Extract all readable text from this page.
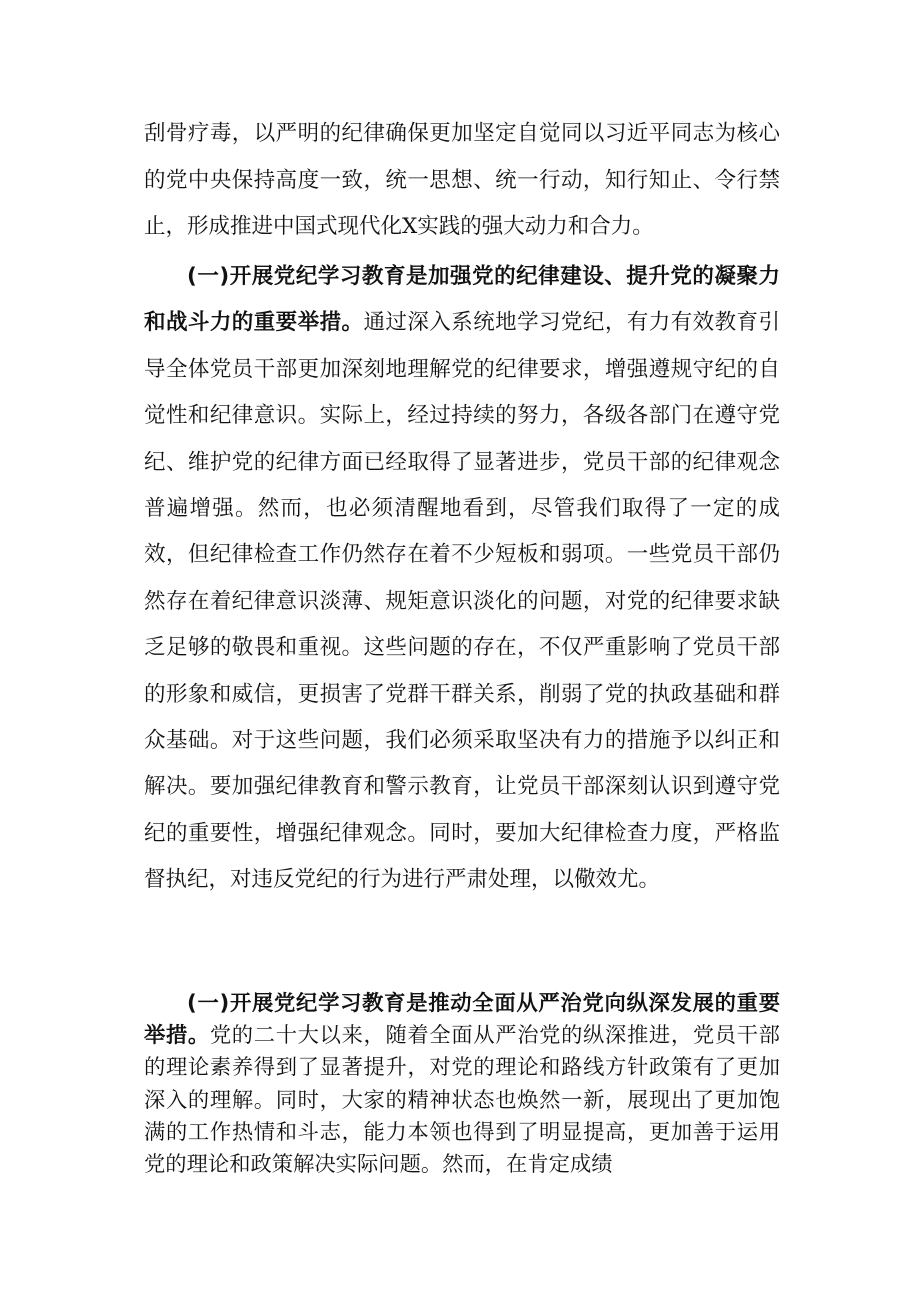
刮骨疗毒，以严明的纪律确保更加坚定自觉同以习近平同志为核心的党中央保持高度一致，统一思想、统一行动，知行知止、令行禁止，形成推进中国式现代化X实践的强大动力和合力。

(一)开展党纪学习教育是加强党的纪律建设、提升党的凝聚力和战斗力的重要举措。通过深入系统地学习党纪，有力有效教育引导全体党员干部更加深刻地理解党的纪律要求，增强遵规守纪的自觉性和纪律意识。实际上，经过持续的努力，各级各部门在遵守党纪、维护党的纪律方面已经取得了显著进步，党员干部的纪律观念普遍增强。然而，也必须清醒地看到，尽管我们取得了一定的成效，但纪律检查工作仍然存在着不少短板和弱项。一些党员干部仍然存在着纪律意识淡薄、规矩意识淡化的问题，对党的纪律要求缺乏足够的敬畏和重视。这些问题的存在，不仅严重影响了党员干部的形象和威信，更损害了党群干群关系，削弱了党的执政基础和群众基础。对于这些问题，我们必须采取坚决有力的措施予以纠正和解决。要加强纪律教育和警示教育，让党员干部深刻认识到遵守党纪的重要性，增强纪律观念。同时，要加大纪律检查力度，严格监督执纪，对违反党纪的行为进行严肃处理，以儆效尤。

(一)开展党纪学习教育是推动全面从严治党向纵深发展的重要举措。党的二十大以来，随着全面从严治党的纵深推进，党员干部的理论素养得到了显著提升，对党的理论和路线方针政策有了更加深入的理解。同时，大家的精神状态也焕然一新，展现出了更加饱满的工作热情和斗志，能力本领也得到了明显提高，更加善于运用党的理论和政策解决实际问题。然而，在肯定成绩
